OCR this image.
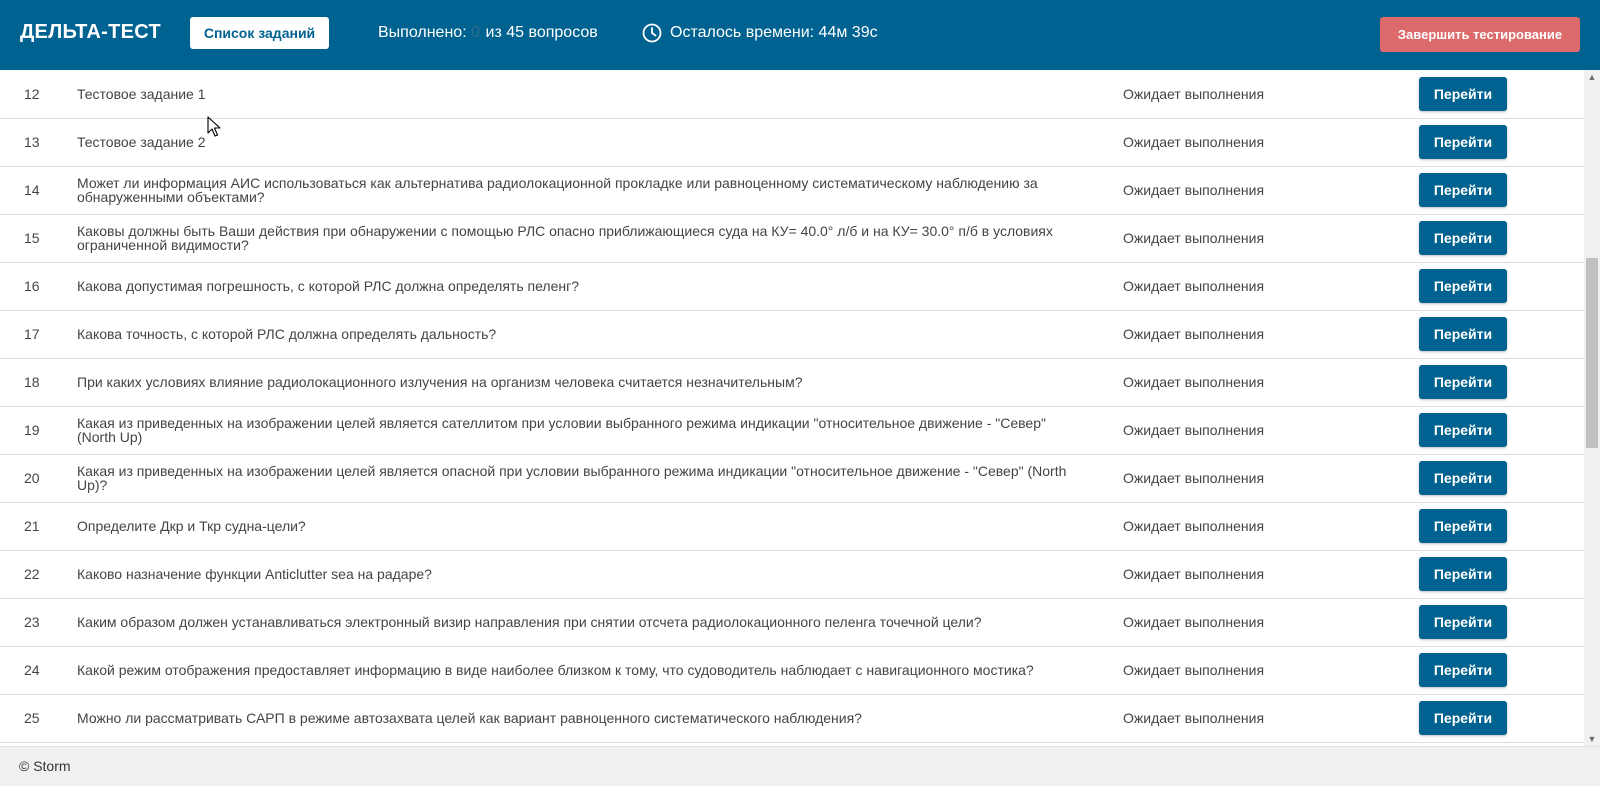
ДЕЛЬТА-ТЕСТ	Список заданий	Выполнено: 0 из 45 вопросов	Осталось времени: 44м 39с	Завершить тестирование
12	Тестовое задание 1	Ожидает выполнения	Перейти
13	Тестовое задание 2	Ожидает выполнения	Перейти
14	Может ли информация АИС использоваться как альтернатива радиолокационной прокладке или равноценному систематическому наблюдению за обнаруженными объектами?	Ожидает выполнения	Перейти
15	Каковы должны быть Ваши действия при обнаружении с помощью РЛС опасно приближающиеся суда на КУ= 40.0° л/б и на КУ= 30.0° п/б в условиях ограниченной видимости?	Ожидает выполнения	Перейти
16	Какова допустимая погрешность, с которой РЛС должна определять пеленг?	Ожидает выполнения	Перейти
17	Какова точность, с которой РЛС должна определять дальность?	Ожидает выполнения	Перейти
18	При каких условиях влияние радиолокационного излучения на организм человека считается незначительным?	Ожидает выполнения	Перейти
19	Какая из приведенных на изображении целей является сателлитом при условии выбранного режима индикации "относительное движение - "Север" (North Up)	Ожидает выполнения	Перейти
20	Какая из приведенных на изображении целей является опасной при условии выбранного режима индикации "относительное движение - "Север" (North Up)?	Ожидает выполнения	Перейти
21	Определите Дкр и Ткр судна-цели?	Ожидает выполнения	Перейти
22	Каково назначение функции Anticlutter sea на радаре?	Ожидает выполнения	Перейти
23	Каким образом должен устанавливаться электронный визир направления при снятии отсчета радиолокационного пеленга точечной цели?	Ожидает выполнения	Перейти
24	Какой режим отображения предоставляет информацию в виде наиболее близком к тому, что судоводитель наблюдает с навигационного мостика?	Ожидает выполнения	Перейти
25	Можно ли рассматривать САРП в режиме автозахвата целей как вариант равноценного систематического наблюдения?	Ожидает выполнения	Перейти
▲
▼
© Storm
